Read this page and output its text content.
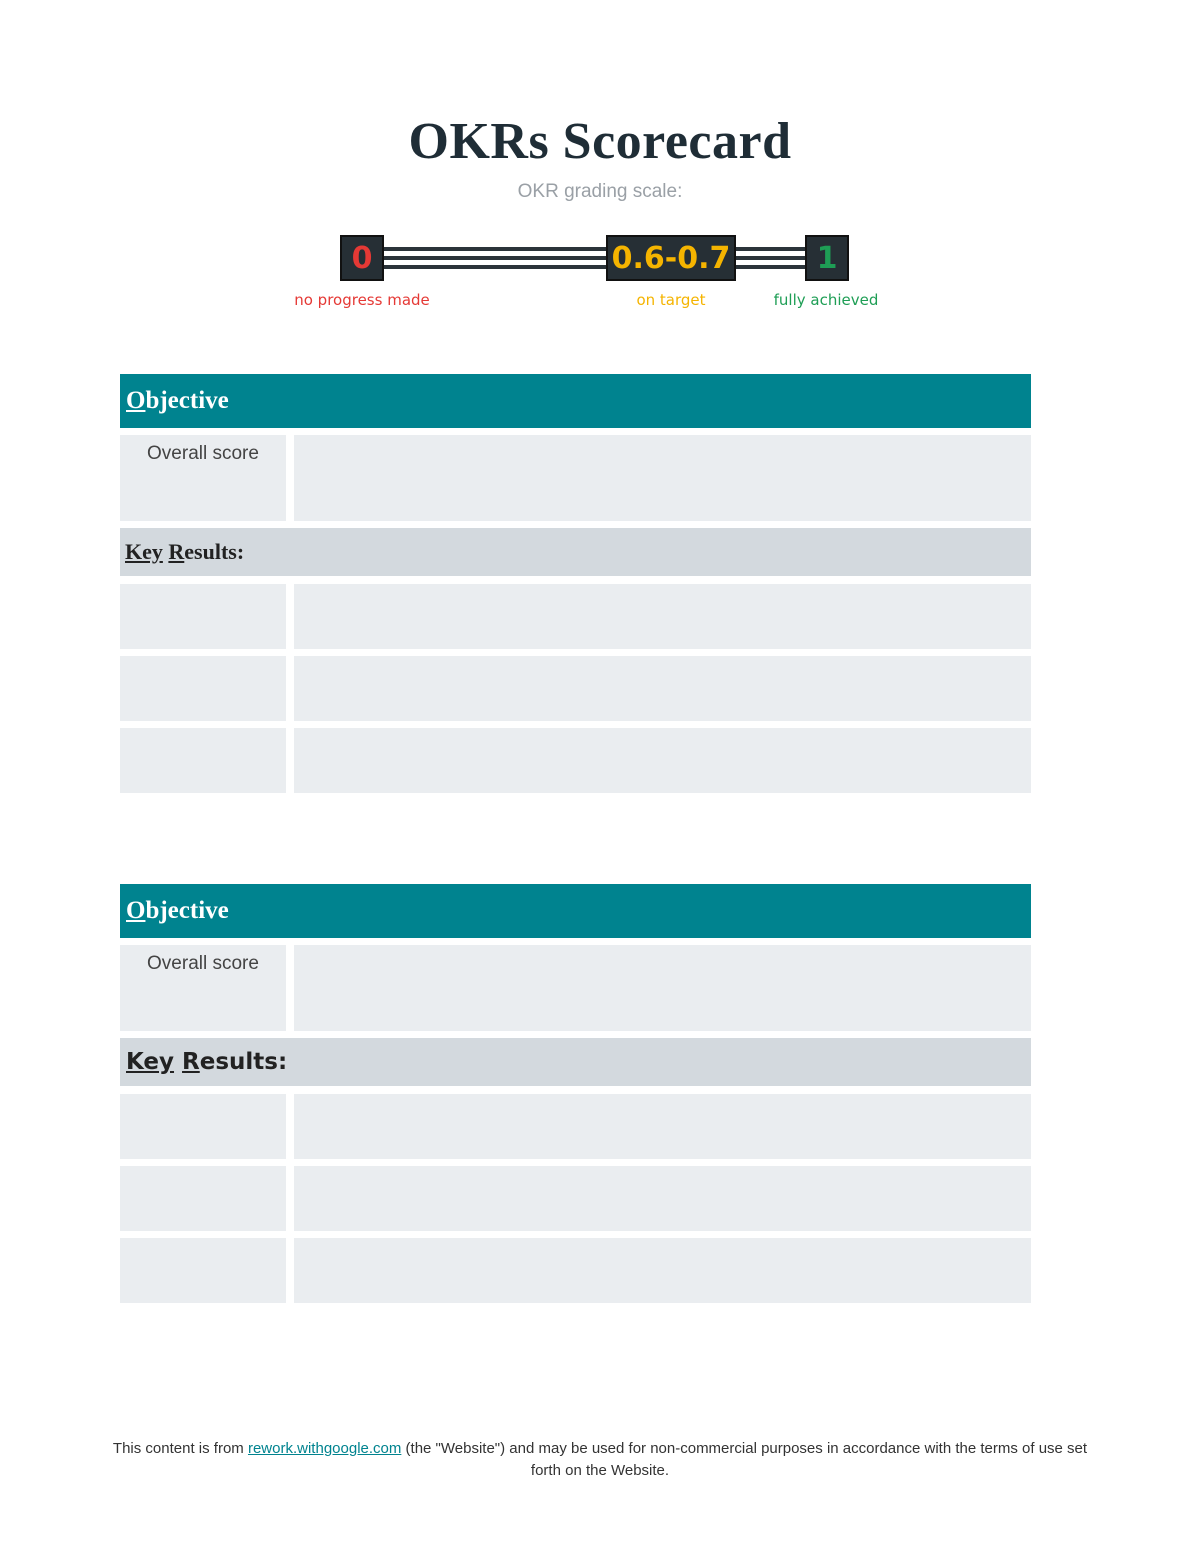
OKRs Scorecard
OKR grading scale:
0	0.6-0.7	1
no progress made	on target	fully achieved
Objective
Overall score
Key Results:
Objective
Overall score
Key Results:
This content is from rework.withgoogle.com (the "Website") and may be used for non-commercial purposes in accordance with the terms of use set forth on the Website.
